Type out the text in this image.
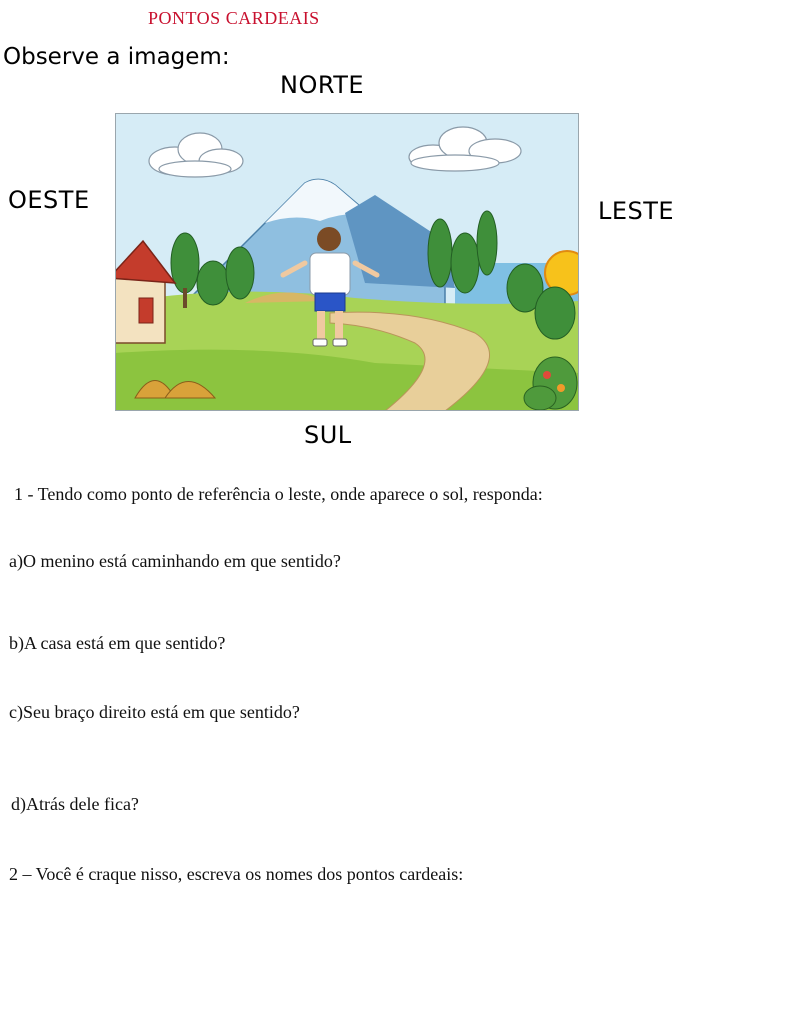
PONTOS CARDEAIS
Observe a imagem:
NORTE
OESTE	LESTE
SUL
1 - Tendo como ponto de referência o leste, onde aparece o sol, responda:
a)O menino está caminhando em que sentido?
b)A casa está em que sentido?
c)Seu braço direito está em que sentido?
d)Atrás dele fica?
2 – Você é craque nisso, escreva os nomes dos pontos cardeais:
